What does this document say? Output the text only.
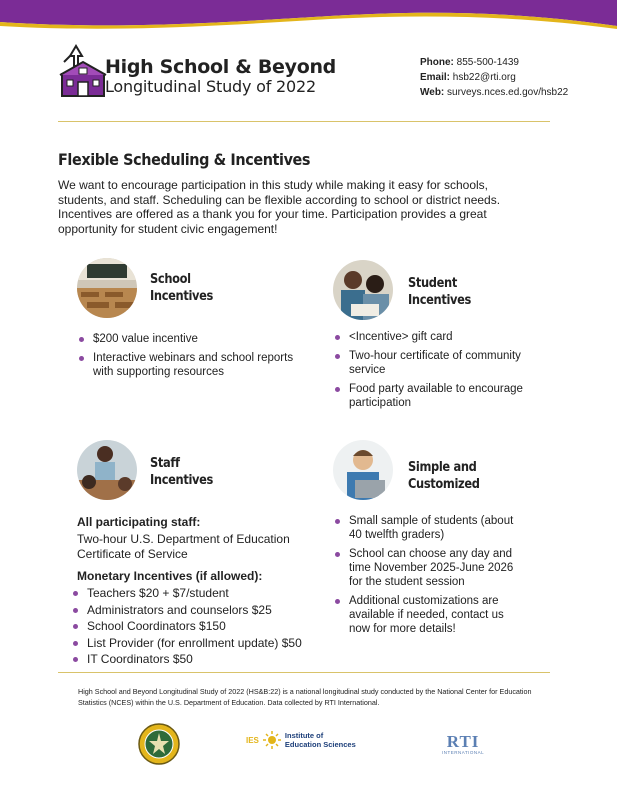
High School & Beyond
Longitudinal Study of 2022
Phone: 855-500-1439
Email: hsb22@rti.org
Web: surveys.nces.ed.gov/hsb22
Flexible Scheduling & Incentives
We want to encourage participation in this study while making it easy for schools, students, and staff. Scheduling can be flexible according to school or district needs. Incentives are offered as a thank you for your time. Participation provides a great opportunity for student civic engagement!
School
Incentives
$200 value incentive
Interactive webinars and school reports with supporting resources
Student
Incentives
<Incentive> gift card
Two-hour certificate of community service
Food party available to encourage participation
Staff
Incentives
All participating staff:
Two-hour U.S. Department of Education Certificate of Service
Monetary Incentives (if allowed):
Teachers $20 + $7/student
Administrators and counselors $25
School Coordinators $150
List Provider (for enrollment update) $50
IT Coordinators $50
Simple and
Customized
Small sample of students (about 40 twelfth graders)
School can choose any day and time November 2025-June 2026 for the student session
Additional customizations are available if needed, contact us now for more details!
High School and Beyond Longitudinal Study of 2022 (HS&B:22) is a national longitudinal study conducted by the National Center for Education Statistics (NCES) within the U.S. Department of Education. Data collected by RTI International.
IES	Institute of
Education Sciences	RTI
INTERNATIONAL
